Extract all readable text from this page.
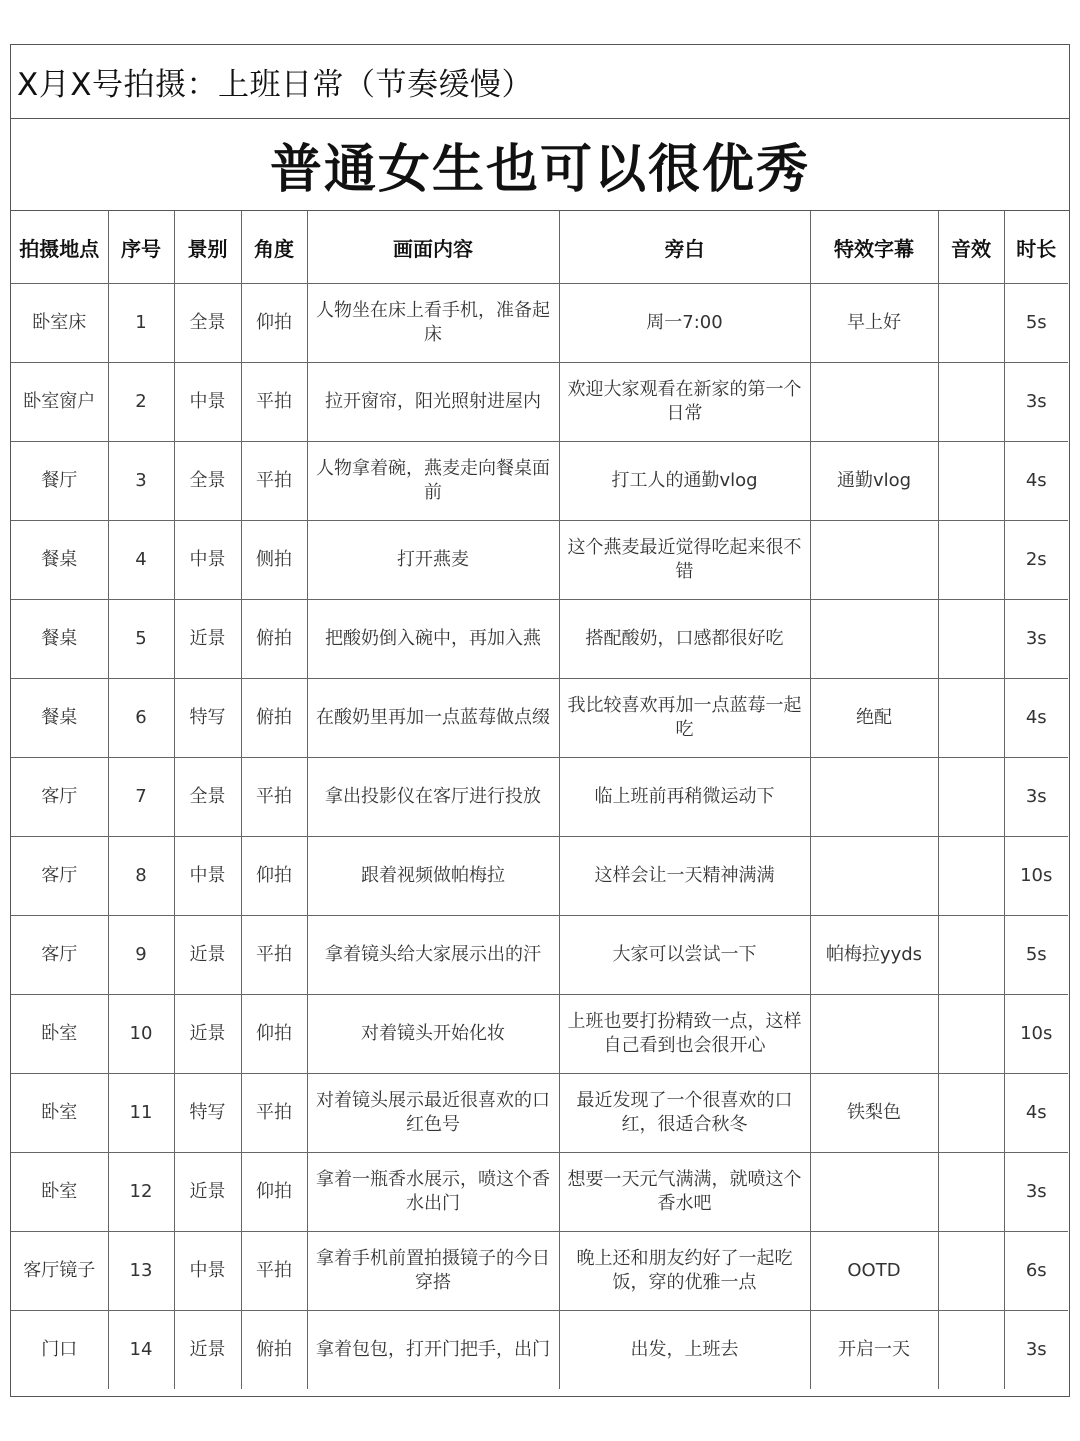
X月X号拍摄：上班日常（节奏缓慢）
普通女生也可以很优秀
拍摄地点	序号	景别	角度	画面内容	旁白	特效字幕	音效	时长
卧室床	1	全景	仰拍	人物坐在床上看手机，准备起床	周一7:00	早上好		5s
卧室窗户	2	中景	平拍	拉开窗帘，阳光照射进屋内	欢迎大家观看在新家的第一个日常			3s
餐厅	3	全景	平拍	人物拿着碗，燕麦走向餐桌面前	打工人的通勤vlog	通勤vlog		4s
餐桌	4	中景	侧拍	打开燕麦	这个燕麦最近觉得吃起来很不错			2s
餐桌	5	近景	俯拍	把酸奶倒入碗中，再加入燕	搭配酸奶，口感都很好吃			3s
餐桌	6	特写	俯拍	在酸奶里再加一点蓝莓做点缀	我比较喜欢再加一点蓝莓一起吃	绝配		4s
客厅	7	全景	平拍	拿出投影仪在客厅进行投放	临上班前再稍微运动下			3s
客厅	8	中景	仰拍	跟着视频做帕梅拉	这样会让一天精神满满			10s
客厅	9	近景	平拍	拿着镜头给大家展示出的汗	大家可以尝试一下	帕梅拉yyds		5s
卧室	10	近景	仰拍	对着镜头开始化妆	上班也要打扮精致一点，这样自己看到也会很开心			10s
卧室	11	特写	平拍	对着镜头展示最近很喜欢的口红色号	最近发现了一个很喜欢的口红，很适合秋冬	铁梨色		4s
卧室	12	近景	仰拍	拿着一瓶香水展示，喷这个香水出门	想要一天元气满满，就喷这个香水吧			3s
客厅镜子	13	中景	平拍	拿着手机前置拍摄镜子的今日穿搭	晚上还和朋友约好了一起吃饭，穿的优雅一点	OOTD		6s
门口	14	近景	俯拍	拿着包包，打开门把手，出门	出发，上班去	开启一天		3s
